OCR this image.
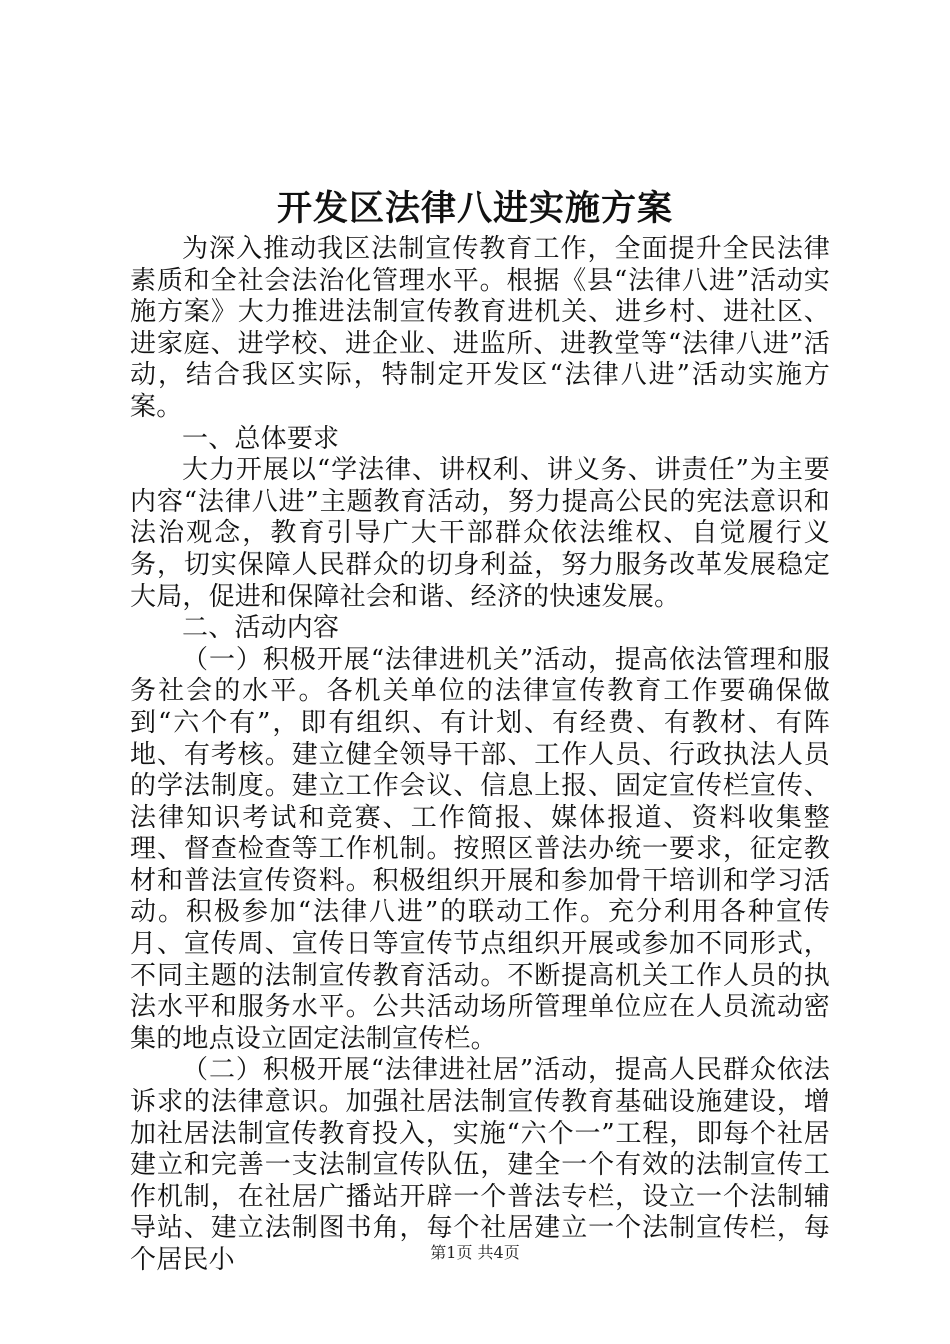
开发区法律八进实施方案

为深入推动我区法制宣传教育工作，全面提升全民法律素质和全社会法治化管理水平。根据《县“法律八进”活动实施方案》大力推进法制宣传教育进机关、进乡村、进社区、进家庭、进学校、进企业、进监所、进教堂等“法律八进”活动，结合我区实际，特制定开发区“法律八进”活动实施方案。

一、总体要求

大力开展以“学法律、讲权利、讲义务、讲责任”为主要内容“法律八进”主题教育活动，努力提高公民的宪法意识和法治观念，教育引导广大干部群众依法维权、自觉履行义务，切实保障人民群众的切身利益，努力服务改革发展稳定大局，促进和保障社会和谐、经济的快速发展。

二、活动内容

（一）积极开展“法律进机关”活动，提高依法管理和服务社会的水平。各机关单位的法律宣传教育工作要确保做到“六个有”，即有组织、有计划、有经费、有教材、有阵地、有考核。建立健全领导干部、工作人员、行政执法人员的学法制度。建立工作会议、信息上报、固定宣传栏宣传、法律知识考试和竞赛、工作简报、媒体报道、资料收集整理、督查检查等工作机制。按照区普法办统一要求，征定教材和普法宣传资料。积极组织开展和参加骨干培训和学习活动。积极参加“法律八进”的联动工作。充分利用各种宣传月、宣传周、宣传日等宣传节点组织开展或参加不同形式，不同主题的法制宣传教育活动。不断提高机关工作人员的执法水平和服务水平。公共活动场所管理单位应在人员流动密集的地点设立固定法制宣传栏。

（二）积极开展“法律进社居”活动，提高人民群众依法诉求的法律意识。加强社居法制宣传教育基础设施建设，增加社居法制宣传教育投入，实施“六个一”工程，即每个社居建立和完善一支法制宣传队伍，建全一个有效的法制宣传工作机制，在社居广播站开辟一个普法专栏，设立一个法制辅导站、建立法制图书角，每个社居建立一个法制宣传栏，每个居民小	第1页 共4页
